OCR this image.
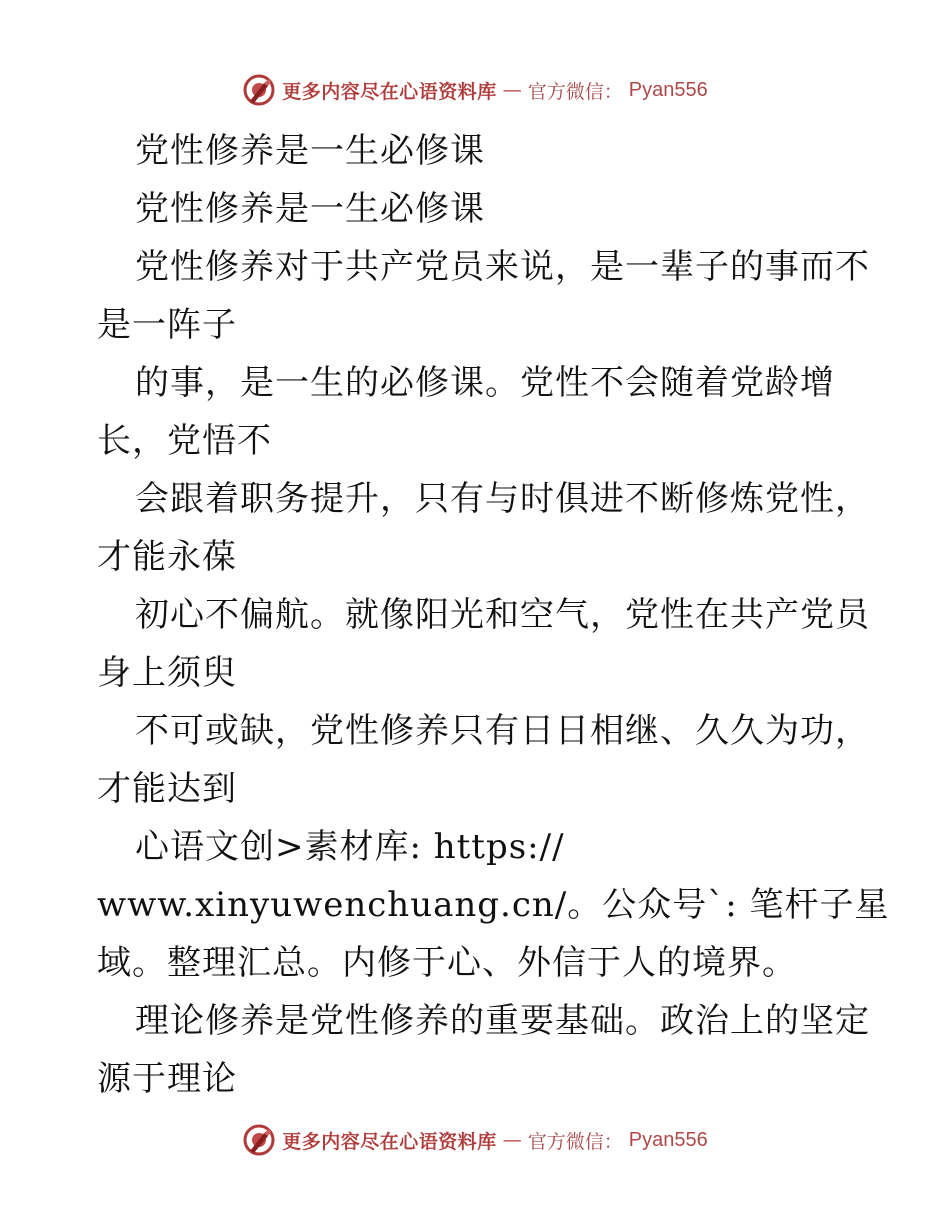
更多内容尽在心语资料库 — 官方微信： Pyan556
党性修养是一生必修课
党性修养是一生必修课
党性修养对于共产党员来说，是一辈子的事而不
是一阵子
的事，是一生的必修课。党性不会随着党龄增
长，党悟不
会跟着职务提升，只有与时俱进不断修炼党性，
才能永葆
初心不偏航。就像阳光和空气，党性在共产党员
身上须臾
不可或缺，党性修养只有日日相继、久久为功，
才能达到
心语文创>素材库: https://
www.xinyuwenchuang.cn/。公众号`: 笔杆子星
域。整理汇总。内修于心、外信于人的境界。
理论修养是党性修养的重要基础。政治上的坚定
源于理论
更多内容尽在心语资料库 — 官方微信： Pyan556
